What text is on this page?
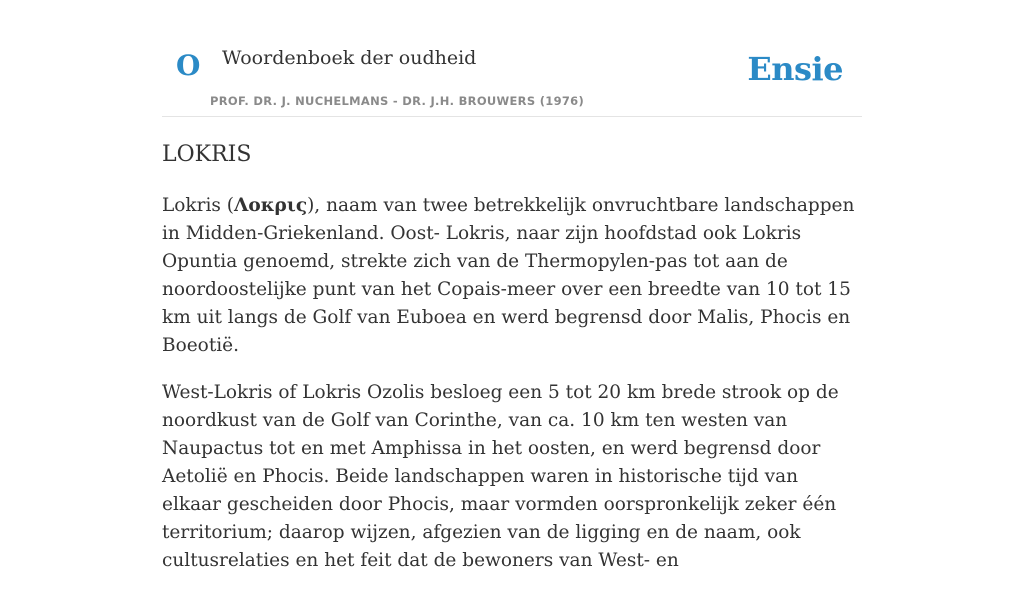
O Woordenboek der oudheid
PROF. DR. J. NUCHELMANS - DR. J.H. BROUWERS (1976)
Ensie
LOKRIS

Lokris (Λοκρις), naam van twee betrekkelijk onvruchtbare landschappen in Midden-Griekenland. Oost- Lokris, naar zijn hoofdstad ook Lokris Opuntia genoemd, strekte zich van de Thermopylen-pas tot aan de noordoostelijke punt van het Copais-meer over een breedte van 10 tot 15 km uit langs de Golf van Euboea en werd begrensd door Malis, Phocis en Boeotië.

West-Lokris of Lokris Ozolis besloeg een 5 tot 20 km brede strook op de noordkust van de Golf van Corinthe, van ca. 10 km ten westen van Naupactus tot en met Amphissa in het oosten, en werd begrensd door Aetolië en Phocis. Beide landschappen waren in historische tijd van elkaar gescheiden door Phocis, maar vormden oorspronkelijk zeker één territorium; daarop wijzen, afgezien van de ligging en de naam, ook cultusrelaties en het feit dat de bewoners van West- en
